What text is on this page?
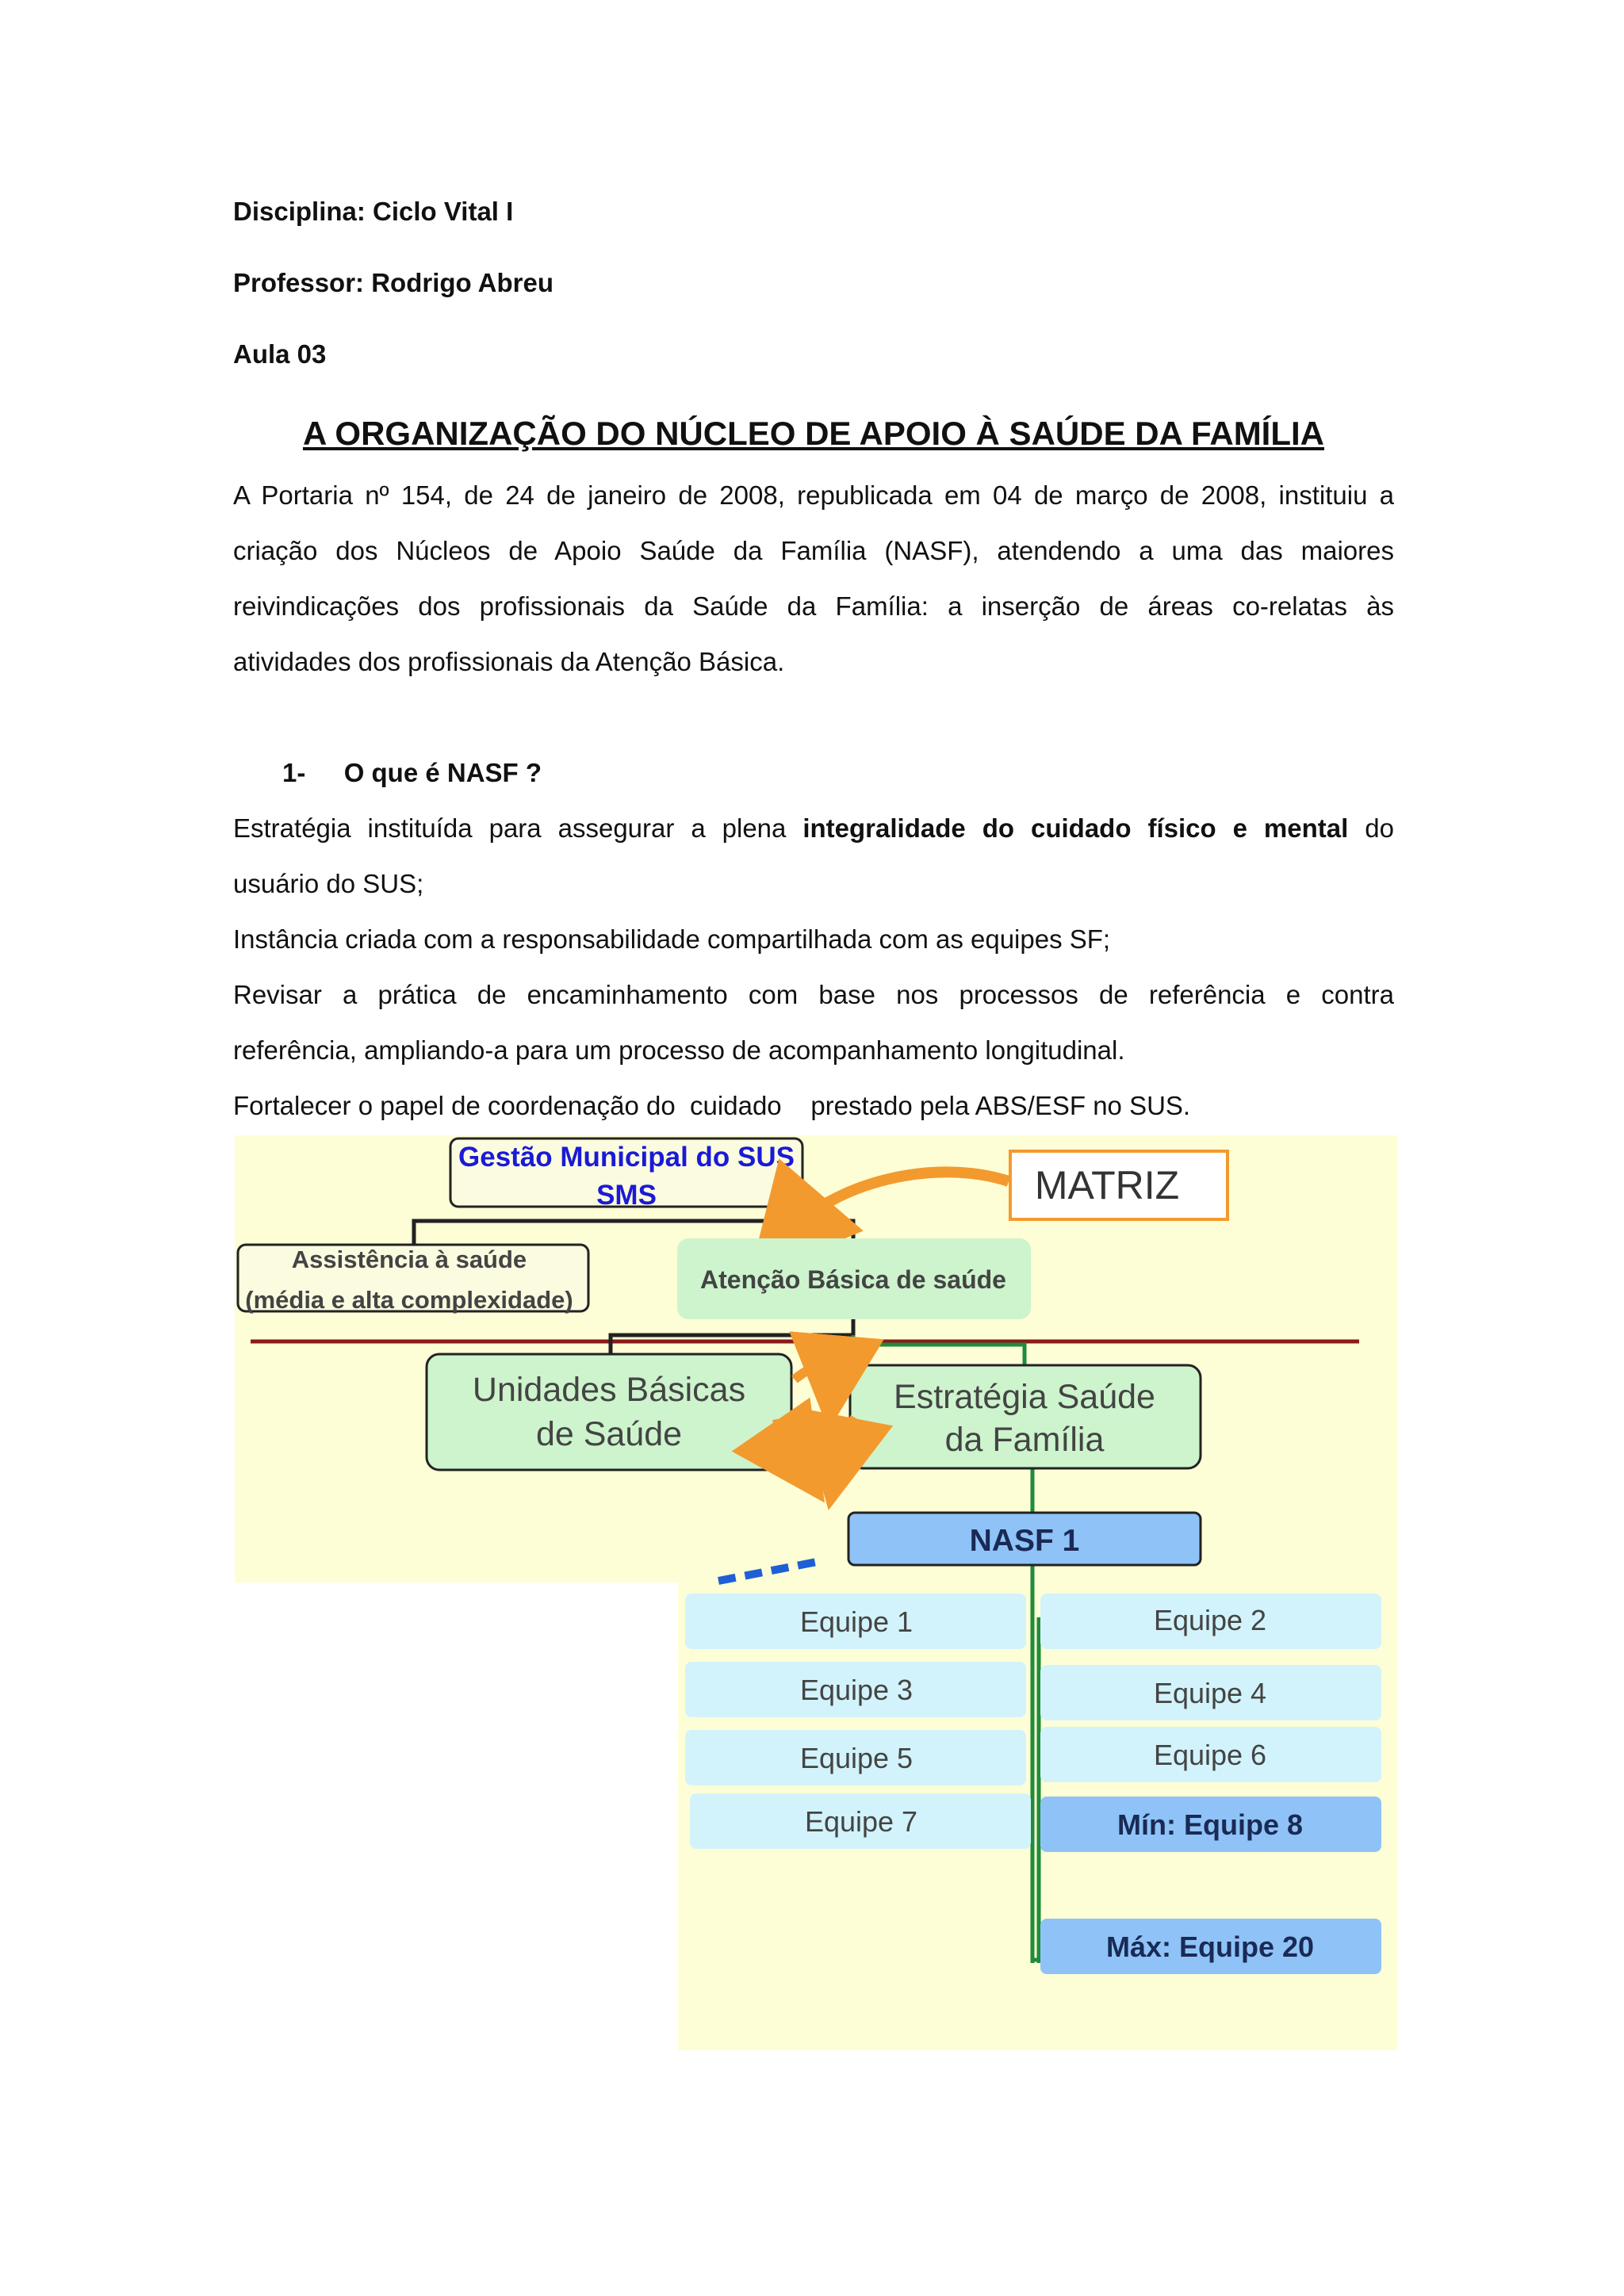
Disciplina: Ciclo Vital I
Professor: Rodrigo Abreu
Aula 03
A ORGANIZAÇÃO DO NÚCLEO DE APOIO À SAÚDE DA FAMÍLIA
A Portaria nº 154, de 24 de janeiro de 2008, republicada em 04 de março de 2008, instituiu a
criação dos Núcleos de Apoio Saúde da Família (NASF), atendendo a uma das maiores
reivindicações dos profissionais da Saúde da Família: a inserção de áreas co-relatas às
atividades dos profissionais da Atenção Básica.
1- O que é NASF ?
Estratégia instituída para assegurar a plena integralidade do cuidado físico e mental do
usuário do SUS;
Instância criada com a responsabilidade compartilhada com as equipes SF;
Revisar a prática de encaminhamento com base nos processos de referência e contra
referência, ampliando-a para um processo de acompanhamento longitudinal.
Fortalecer o papel de coordenação do  cuidado    prestado pela ABS/ESF no SUS.
Gestão Municipal do SUS
SMS	MATRIZ
Assistência à saúde
(média e alta complexidade)
Atenção Básica de saúde
Unidades Básicas
de Saúde
Estratégia Saúde
da Família
NASF 1
Equipe 1
Equipe 3
Equipe 5
Equipe 7
Equipe 2
Equipe 4
Equipe 6
Mín: Equipe 8
Máx: Equipe 20
